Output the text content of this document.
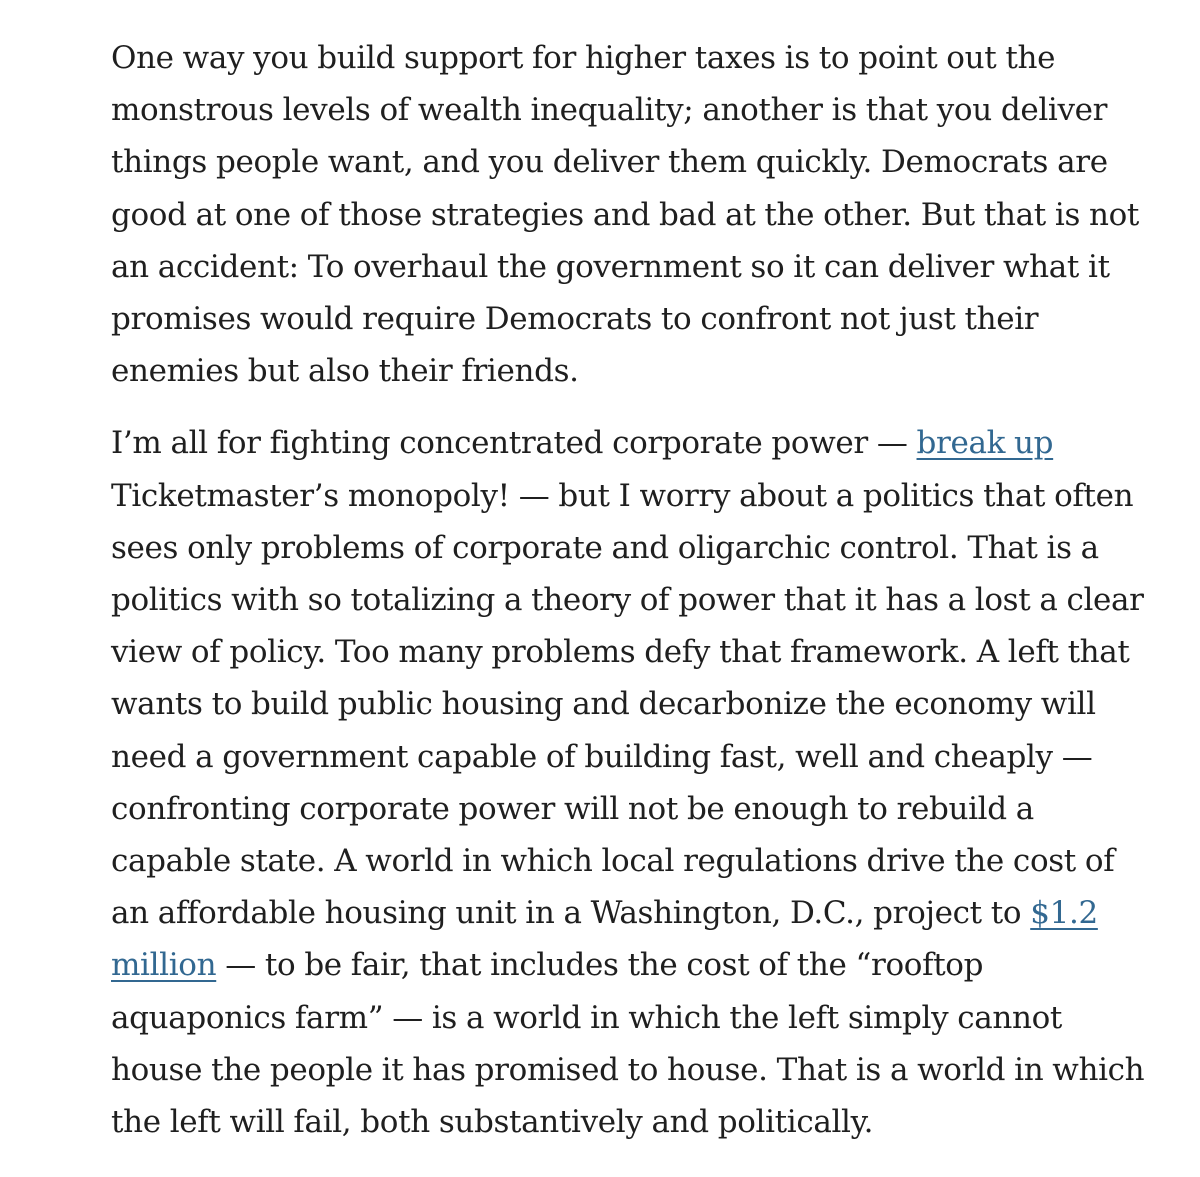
One way you build support for higher taxes is to point out the
monstrous levels of wealth inequality; another is that you deliver
things people want, and you deliver them quickly. Democrats are
good at one of those strategies and bad at the other. But that is not
an accident: To overhaul the government so it can deliver what it
promises would require Democrats to confront not just their
enemies but also their friends.

I’m all for fighting concentrated corporate power — break up
Ticketmaster’s monopoly! — but I worry about a politics that often
sees only problems of corporate and oligarchic control. That is a
politics with so totalizing a theory of power that it has a lost a clear
view of policy. Too many problems defy that framework. A left that
wants to build public housing and decarbonize the economy will
need a government capable of building fast, well and cheaply —
confronting corporate power will not be enough to rebuild a
capable state. A world in which local regulations drive the cost of
an affordable housing unit in a Washington, D.C., project to $1.2
million — to be fair, that includes the cost of the “rooftop
aquaponics farm” — is a world in which the left simply cannot
house the people it has promised to house. That is a world in which
the left will fail, both substantively and politically.
